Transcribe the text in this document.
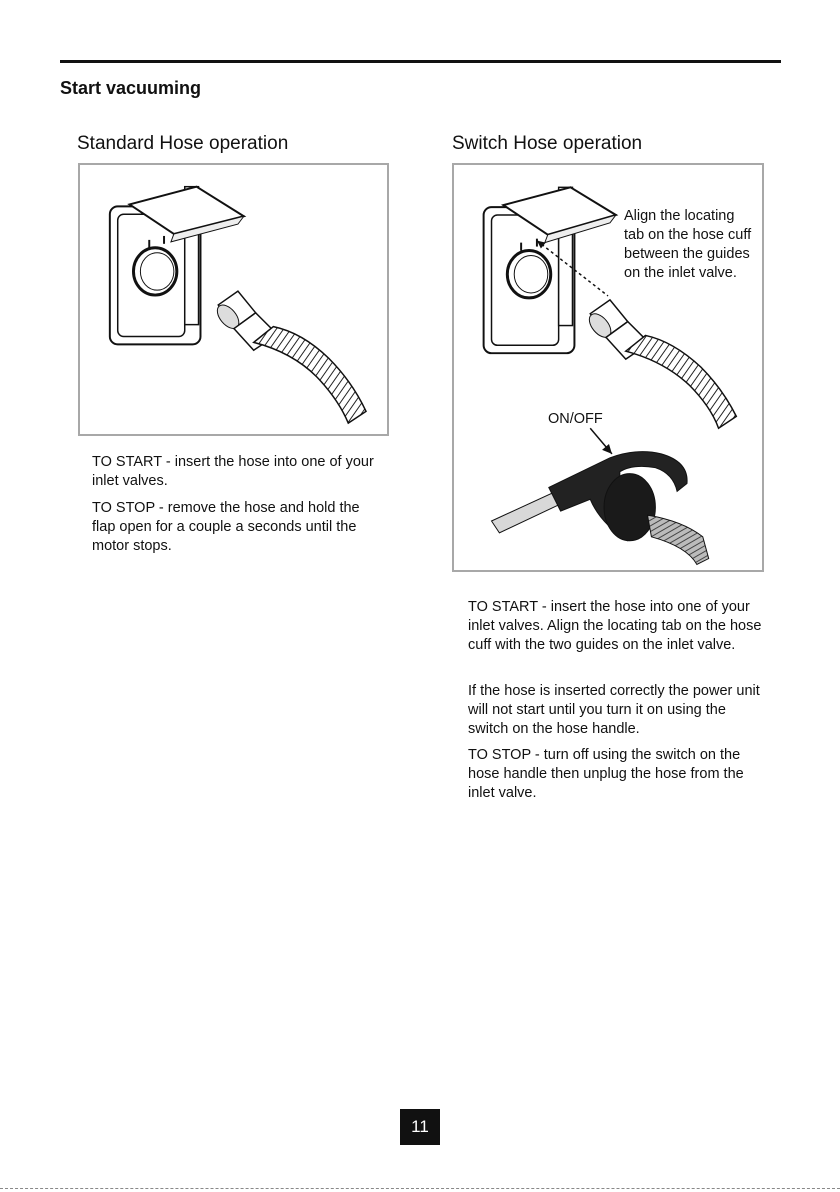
Start vacuuming
Standard Hose operation

TO START - insert the hose into one of your inlet valves.

TO STOP - remove the hose and hold the flap open for a couple a seconds until the motor stops.

Switch Hose operation

Align the locating tab on the hose cuff between the guides on the inlet valve.

ON/OFF

TO START - insert the hose into one of your inlet valves. Align the locating tab on the hose cuff with the two guides on the inlet valve.

If the hose is inserted correctly the power unit will not start until you turn it on using the switch on the hose handle.

TO STOP - turn off using the switch on the hose handle then unplug the hose from the inlet valve.

11
